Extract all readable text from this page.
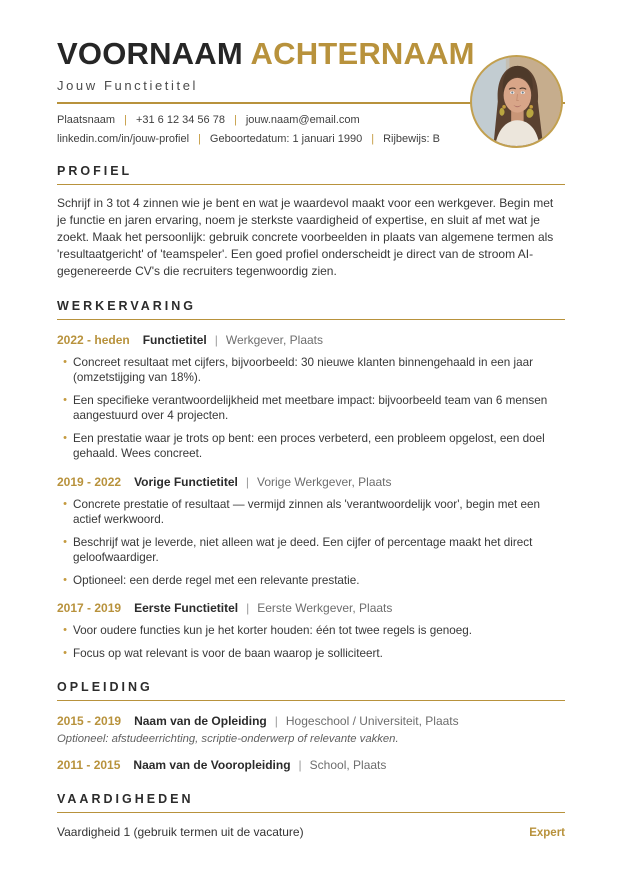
VOORNAAM ACHTERNAAM
Jouw Functietitel
Plaatsnaam | +31 6 12 34 56 78 | jouw.naam@email.com
linkedin.com/in/jouw-profiel | Geboortedatum: 1 januari 1990 | Rijbewijs: B
PROFIEL

Schrijf in 3 tot 4 zinnen wie je bent en wat je waardevol maakt voor een werkgever. Begin met je functie en jaren ervaring, noem je sterkste vaardigheid of expertise, en sluit af met wat je zoekt. Maak het persoonlijk: gebruik concrete voorbeelden in plaats van algemene termen als 'resultaatgericht' of 'teamspeler'. Een goed profiel onderscheidt je direct van de stroom AI-gegenereerde CV's die recruiters tegenwoordig zien.

WERKERVARING
2022 - heden Functietitel | Werkgever, Plaats
• Concreet resultaat met cijfers, bijvoorbeeld: 30 nieuwe klanten binnengehaald in een jaar (omzetstijging van 18%).
• Een specifieke verantwoordelijkheid met meetbare impact: bijvoorbeeld team van 6 mensen aangestuurd over 4 projecten.
• Een prestatie waar je trots op bent: een proces verbeterd, een probleem opgelost, een doel gehaald. Wees concreet.
2019 - 2022 Vorige Functietitel | Vorige Werkgever, Plaats
• Concrete prestatie of resultaat — vermijd zinnen als 'verantwoordelijk voor', begin met een actief werkwoord.
• Beschrijf wat je leverde, niet alleen wat je deed. Een cijfer of percentage maakt het direct geloofwaardiger.
• Optioneel: een derde regel met een relevante prestatie.
2017 - 2019 Eerste Functietitel | Eerste Werkgever, Plaats
• Voor oudere functies kun je het korter houden: één tot twee regels is genoeg.
• Focus op wat relevant is voor de baan waarop je solliciteert.
OPLEIDING
2015 - 2019 Naam van de Opleiding | Hogeschool / Universiteit, Plaats
Optioneel: afstudeerrichting, scriptie-onderwerp of relevante vakken.
2011 - 2015 Naam van de Vooropleiding | School, Plaats
VAARDIGHEDEN
Vaardigheid 1 (gebruik termen uit de vacature)	Expert
